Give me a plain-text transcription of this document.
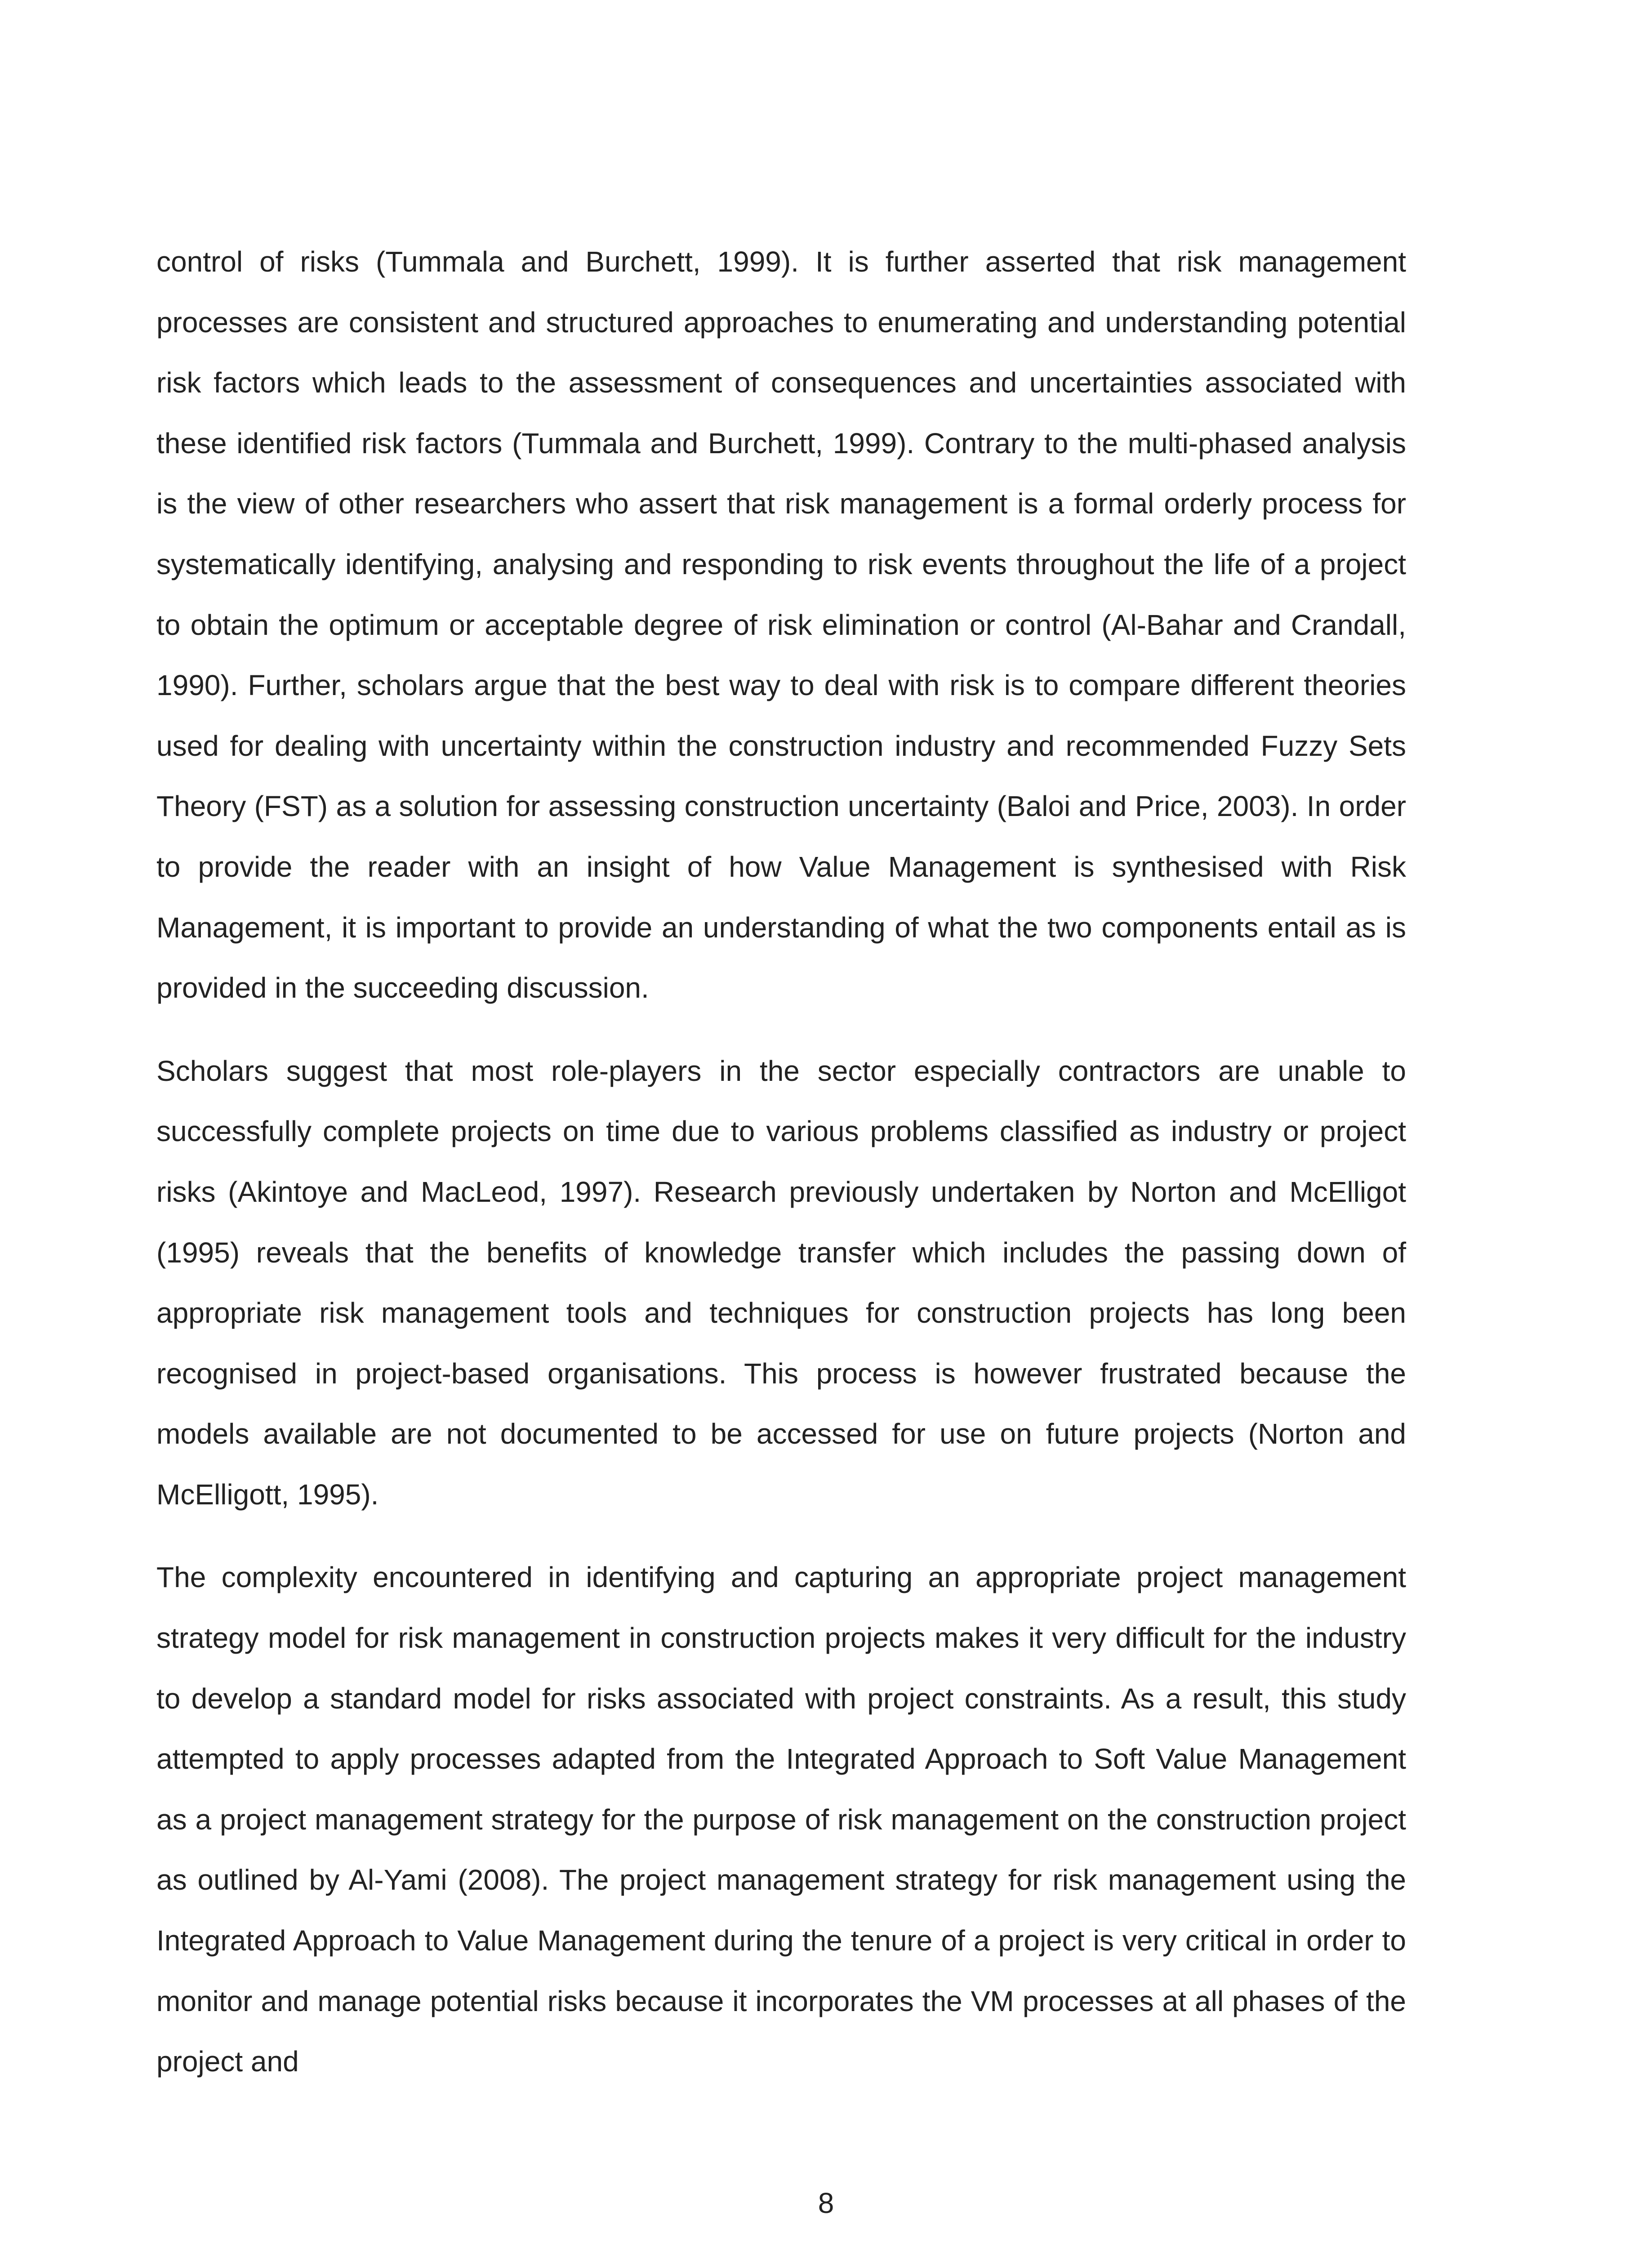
control of risks (Tummala and Burchett, 1999). It is further asserted that risk management processes are consistent and structured approaches to enumerating and understanding potential risk factors which leads to the assessment of consequences and uncertainties associated with these identified risk factors (Tummala and Burchett, 1999). Contrary to the multi-phased analysis is the view of other researchers who assert that risk management is a formal orderly process for systematically identifying, analysing and responding to risk events throughout the life of a project to obtain the optimum or acceptable degree of risk elimination or control (Al-Bahar and Crandall, 1990). Further, scholars argue that the best way to deal with risk is to compare different theories used for dealing with uncertainty within the construction industry and recommended Fuzzy Sets Theory (FST) as a solution for assessing construction uncertainty (Baloi and Price, 2003). In order to provide the reader with an insight of how Value Management is synthesised with Risk Management, it is important to provide an understanding of what the two components entail as is provided in the succeeding discussion.

Scholars suggest that most role-players in the sector especially contractors are unable to successfully complete projects on time due to various problems classified as industry or project risks (Akintoye and MacLeod, 1997). Research previously undertaken by Norton and McElligot (1995) reveals that the benefits of knowledge transfer which includes the passing down of appropriate risk management tools and techniques for construction projects has long been recognised in project-based organisations. This process is however frustrated because the models available are not documented to be accessed for use on future projects (Norton and McElligott, 1995).

The complexity encountered in identifying and capturing an appropriate project management strategy model for risk management in construction projects makes it very difficult for the industry to develop a standard model for risks associated with project constraints. As a result, this study attempted to apply processes adapted from the Integrated Approach to Soft Value Management as a project management strategy for the purpose of risk management on the construction project as outlined by Al-Yami (2008). The project management strategy for risk management using the Integrated Approach to Value Management during the tenure of a project is very critical in order to monitor and manage potential risks because it incorporates the VM processes at all phases of the project and

8
